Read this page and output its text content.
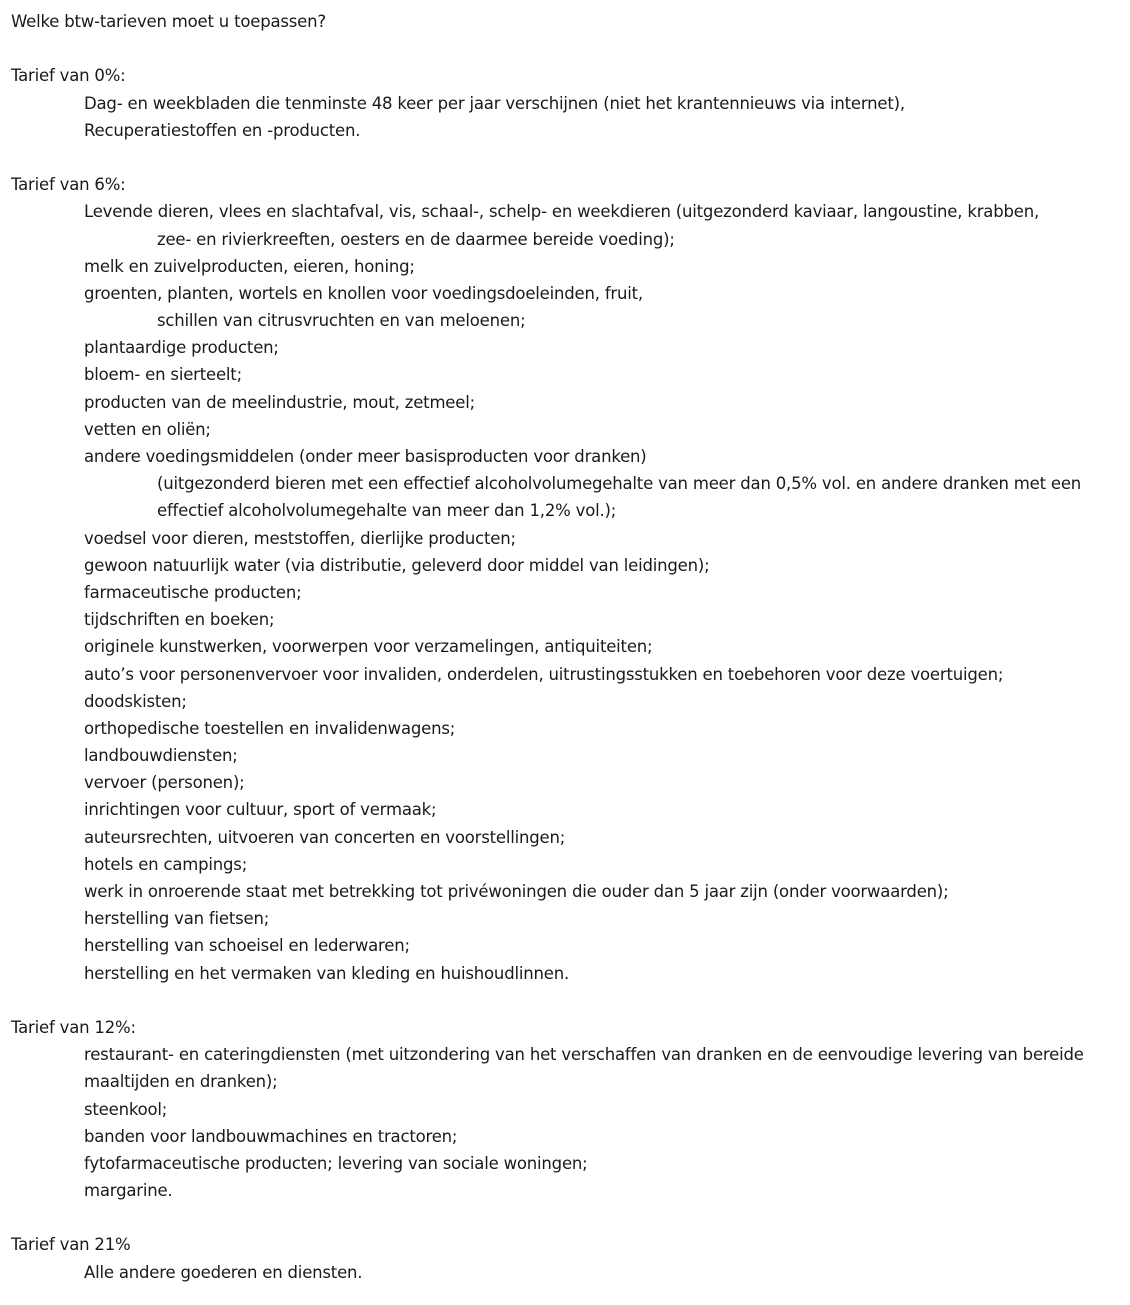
Welke btw-tarieven moet u toepassen?
Tarief van 0%:
Dag- en weekbladen die tenminste 48 keer per jaar verschijnen (niet het krantennieuws via internet),
Recuperatiestoffen en -producten.
Tarief van 6%:
Levende dieren, vlees en slachtafval, vis, schaal-, schelp- en weekdieren (uitgezonderd kaviaar, langoustine, krabben,
zee- en rivierkreeften, oesters en de daarmee bereide voeding);
melk en zuivelproducten, eieren, honing;
groenten, planten, wortels en knollen voor voedingsdoeleinden, fruit,
schillen van citrusvruchten en van meloenen;
plantaardige producten;
bloem- en sierteelt;
producten van de meelindustrie, mout, zetmeel;
vetten en oliën;
andere voedingsmiddelen (onder meer basisproducten voor dranken)
(uitgezonderd bieren met een effectief alcoholvolumegehalte van meer dan 0,5% vol. en andere dranken met een
effectief alcoholvolumegehalte van meer dan 1,2% vol.);
voedsel voor dieren, meststoffen, dierlijke producten;
gewoon natuurlijk water (via distributie, geleverd door middel van leidingen);
farmaceutische producten;
tijdschriften en boeken;
originele kunstwerken, voorwerpen voor verzamelingen, antiquiteiten;
auto’s voor personenvervoer voor invaliden, onderdelen, uitrustingsstukken en toebehoren voor deze voertuigen;
doodskisten;
orthopedische toestellen en invalidenwagens;
landbouwdiensten;
vervoer (personen);
inrichtingen voor cultuur, sport of vermaak;
auteursrechten, uitvoeren van concerten en voorstellingen;
hotels en campings;
werk in onroerende staat met betrekking tot privéwoningen die ouder dan 5 jaar zijn (onder voorwaarden);
herstelling van fietsen;
herstelling van schoeisel en lederwaren;
herstelling en het vermaken van kleding en huishoudlinnen.
Tarief van 12%:
restaurant- en cateringdiensten (met uitzondering van het verschaffen van dranken en de eenvoudige levering van bereide
maaltijden en dranken);
steenkool;
banden voor landbouwmachines en tractoren;
fytofarmaceutische producten; levering van sociale woningen;
margarine.
Tarief van 21%
Alle andere goederen en diensten.
